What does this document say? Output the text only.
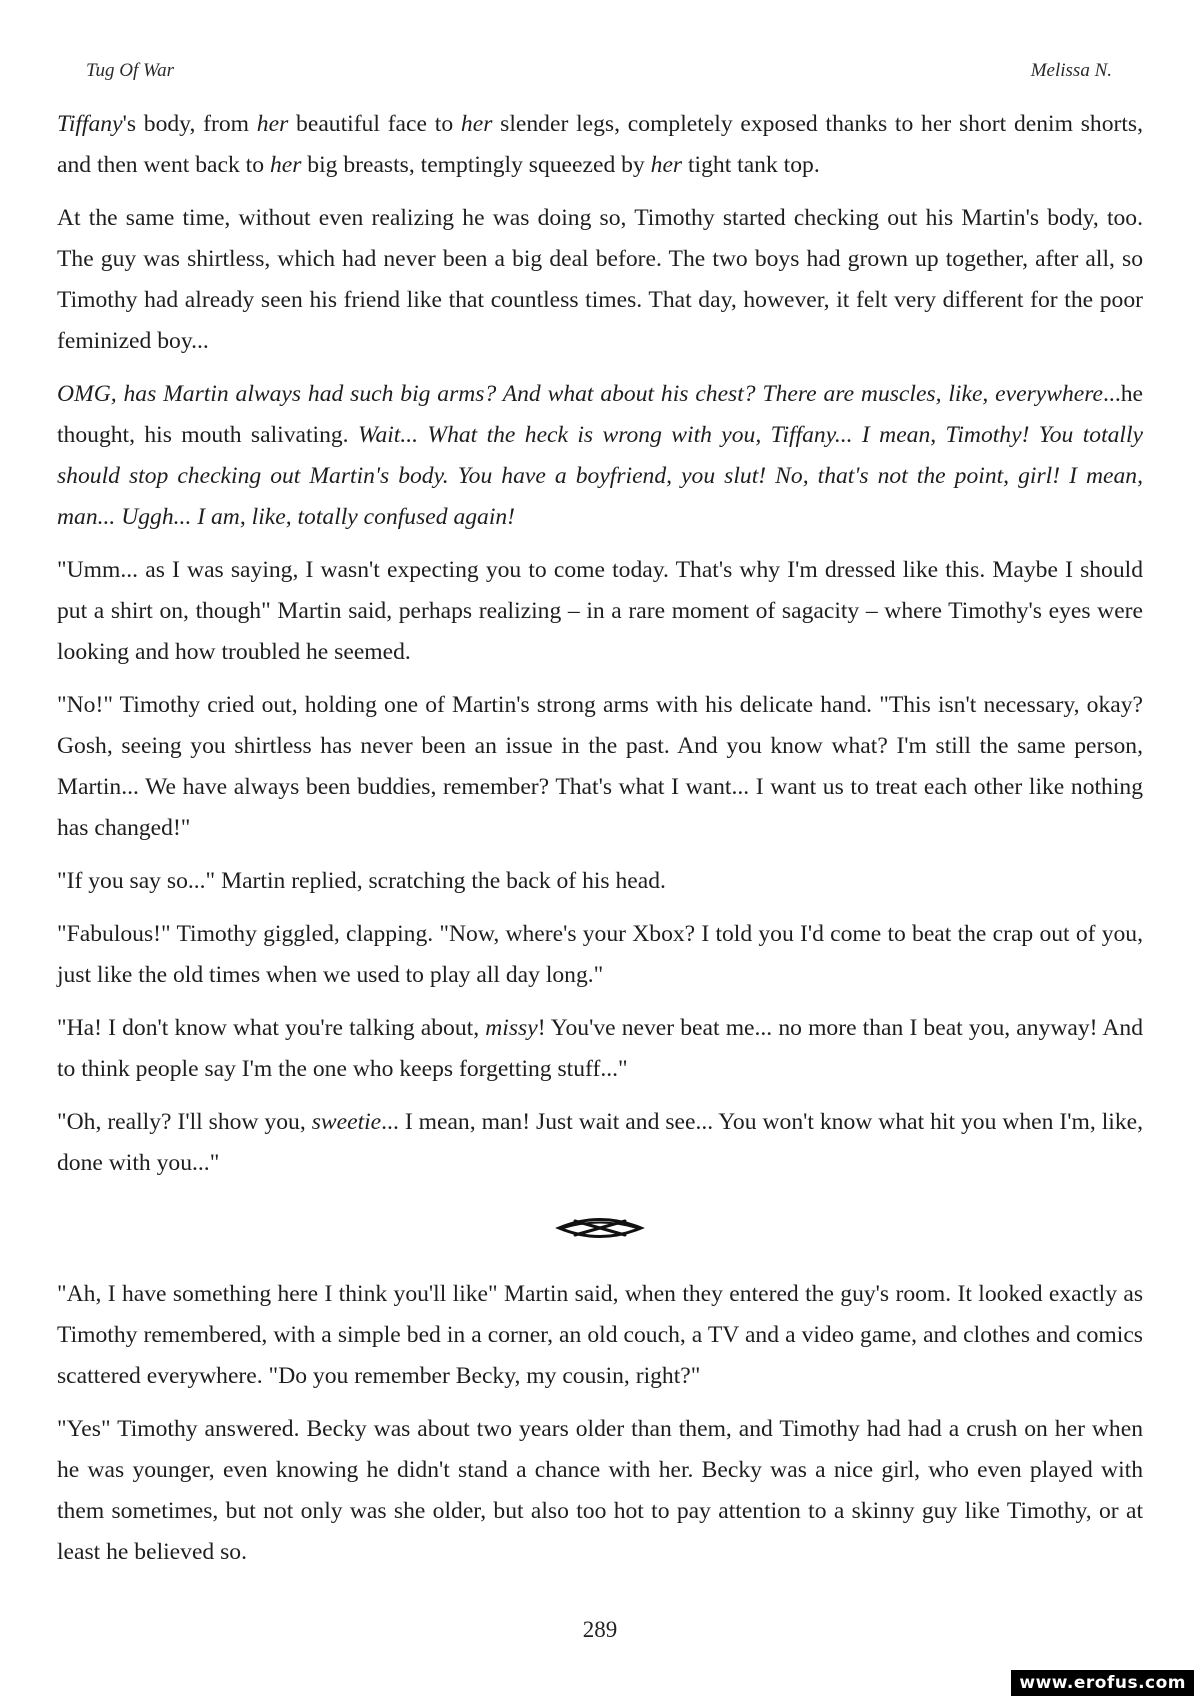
Tug Of War	Melissa N.

Tiffany's body, from her beautiful face to her slender legs, completely exposed thanks to her short denim shorts, and then went back to her big breasts, temptingly squeezed by her tight tank top.

At the same time, without even realizing he was doing so, Timothy started checking out his Martin's body, too. The guy was shirtless, which had never been a big deal before. The two boys had grown up together, after all, so Timothy had already seen his friend like that countless times. That day, however, it felt very different for the poor feminized boy...

OMG, has Martin always had such big arms? And what about his chest? There are muscles, like, everywhere...he thought, his mouth salivating. Wait... What the heck is wrong with you, Tiffany... I mean, Timothy! You totally should stop checking out Martin's body. You have a boyfriend, you slut! No, that's not the point, girl! I mean, man... Uggh... I am, like, totally confused again!

"Umm... as I was saying, I wasn't expecting you to come today. That's why I'm dressed like this. Maybe I should put a shirt on, though" Martin said, perhaps realizing – in a rare moment of sagacity – where Timothy's eyes were looking and how troubled he seemed.

"No!" Timothy cried out, holding one of Martin's strong arms with his delicate hand. "This isn't necessary, okay? Gosh, seeing you shirtless has never been an issue in the past. And you know what? I'm still the same person, Martin... We have always been buddies, remember? That's what I want... I want us to treat each other like nothing has changed!"

"If you say so..." Martin replied, scratching the back of his head.

"Fabulous!" Timothy giggled, clapping. "Now, where's your Xbox? I told you I'd come to beat the crap out of you, just like the old times when we used to play all day long."

"Ha! I don't know what you're talking about, missy! You've never beat me... no more than I beat you, anyway! And to think people say I'm the one who keeps forgetting stuff..."

"Oh, really? I'll show you, sweetie... I mean, man! Just wait and see... You won't know what hit you when I'm, like, done with you..."

"Ah, I have something here I think you'll like" Martin said, when they entered the guy's room. It looked exactly as Timothy remembered, with a simple bed in a corner, an old couch, a TV and a video game, and clothes and comics scattered everywhere. "Do you remember Becky, my cousin, right?"

"Yes" Timothy answered. Becky was about two years older than them, and Timothy had had a crush on her when he was younger, even knowing he didn't stand a chance with her. Becky was a nice girl, who even played with them sometimes, but not only was she older, but also too hot to pay attention to a skinny guy like Timothy, or at least he believed so.

289
www.erofus.com
